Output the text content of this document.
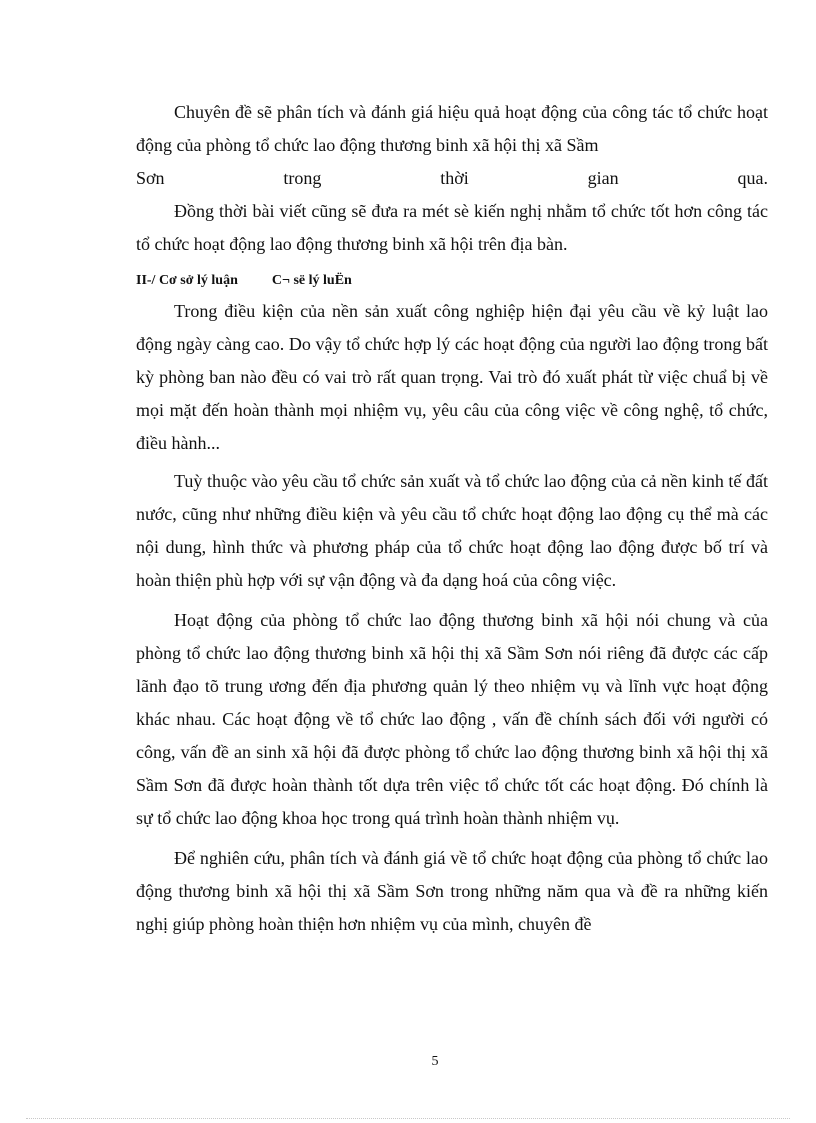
Chuyên đề sẽ phân tích và đánh giá hiệu quả hoạt động của công tác tổ chức hoạt động của phòng tổ chức lao động thương binh xã hội thị xã Sầm

Sơn trong thời gian qua.

Đồng thời bài viết cũng sẽ đưa ra mét sè kiến nghị nhằm tổ chức tốt hơn công tác tổ chức hoạt động lao động thương binh xã hội trên địa bàn.

II-/ Cơ sở lý luận C¬ së lý luËn

Trong điều kiện của nền sản xuất công nghiệp hiện đại yêu cầu về kỷ luật lao động ngày càng cao. Do vậy tổ chức hợp lý các hoạt động của người lao động trong bất kỳ phòng ban nào đều có vai trò rất quan trọng. Vai trò đó xuất phát từ việc chuẩ bị về mọi mặt đến hoàn thành mọi nhiệm vụ, yêu câu của công việc về công nghệ, tổ chức, điều hành...

Tuỳ thuộc vào yêu cầu tổ chức sản xuất và tổ chức lao động của cả nền kinh tế đất nước, cũng như những điều kiện và yêu cầu tổ chức hoạt động lao động cụ thể mà các nội dung, hình thức và phương pháp của tổ chức hoạt động lao động được bố trí và hoàn thiện phù hợp với sự vận động và đa dạng hoá của công việc.

Hoạt động của phòng tổ chức lao động thương binh xã hội nói chung và của phòng tổ chức lao động thương binh xã hội thị xã Sầm Sơn nói riêng đã được các cấp lãnh đạo tõ trung ương đến địa phương quản lý theo nhiệm vụ và lĩnh vực hoạt động khác nhau. Các hoạt động về tổ chức lao động , vấn đề chính sách đối với người có công, vấn đề an sinh xã hội đã được phòng tổ chức lao động thương binh xã hội thị xã Sầm Sơn đã được hoàn thành tốt dựa trên việc tổ chức tốt các hoạt động. Đó chính là sự tổ chức lao động khoa học trong quá trình hoàn thành nhiệm vụ.

Để nghiên cứu, phân tích và đánh giá về tổ chức hoạt động của phòng tổ chức lao động thương binh xã hội thị xã Sầm Sơn trong những năm qua và đề ra những kiến nghị giúp phòng hoàn thiện hơn nhiệm vụ của mình, chuyên đề

5
